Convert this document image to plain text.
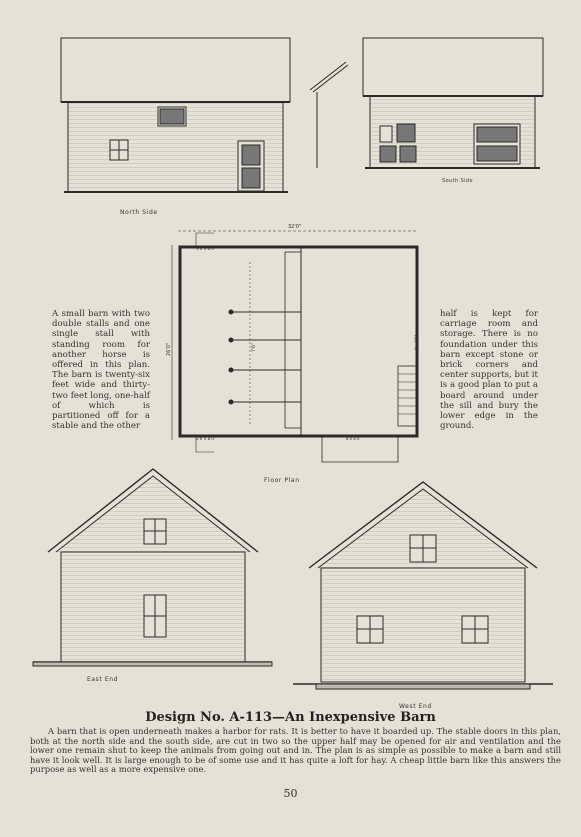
North Side
South Side
32'0"
26'0"	7'6"
3'6"x 8'0"
3'6"x 8'0"	8'x 8'0"
8'x 8'0"
Floor Plan
East End
West End
A small barn with two double stalls and one single stall with standing room for another horse is offered in this plan. The barn is twenty-six feet wide and thirty-two feet long, one-half of which is partitioned off for a stable and the other
half is kept for carriage room and storage. There is no foundation under this barn except stone or brick corners and center supports, but it is a good plan to put a board around under the sill and bury the lower edge in the ground.
Design No. A-113—An Inexpensive Barn
A barn that is open underneath makes a harbor for rats. It is better to have it boarded up. The stable doors in this plan, both at the north side and the south side, are cut in two so the upper half may be opened for air and ventilation and the lower one remain shut to keep the animals from going out and in. The plan is as simple as possible to make a barn and still have it look well. It is large enough to be of some use and it has quite a loft for hay. A cheap little barn like this answers the purpose as well as a more expensive one.
50
